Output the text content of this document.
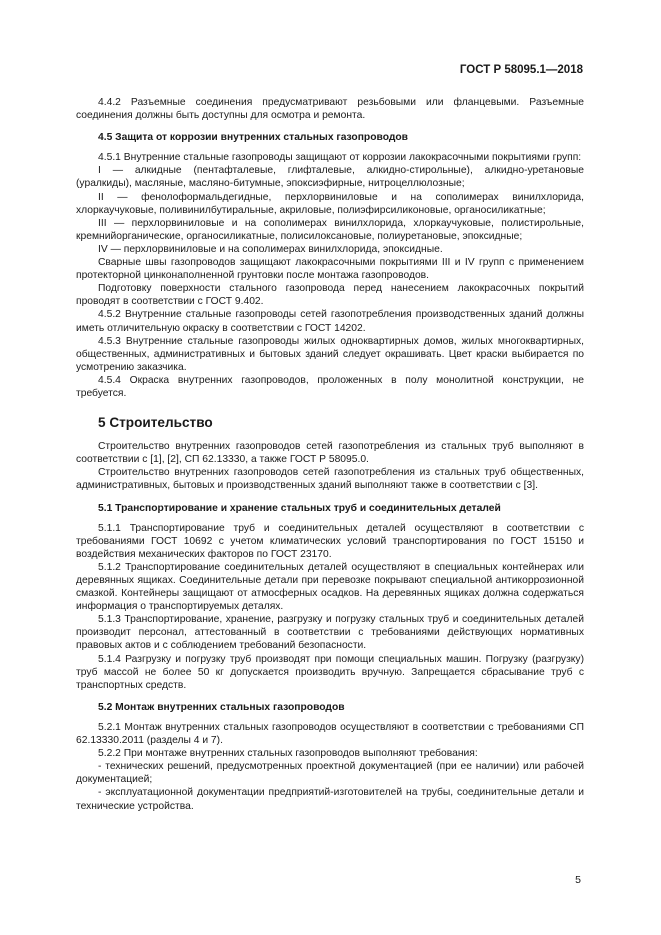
ГОСТ Р 58095.1—2018

4.4.2 Разъемные соединения предусматривают резьбовыми или фланцевыми. Разъемные соединения должны быть доступны для осмотра и ремонта.

4.5 Защита от коррозии внутренних стальных газопроводов

4.5.1 Внутренние стальные газопроводы защищают от коррозии лакокрасочными покрытиями групп:

I — алкидные (пентафталевые, глифталевые, алкидно-стирольные), алкидно-уретановые (уралкиды), масляные, масляно-битумные, эпоксиэфирные, нитроцеллюлозные;

II — фенолоформальдегидные, перхлорвиниловые и на сополимерах винилхлорида, хлоркаучуковые, поливинилбутиральные, акриловые, полиэфирсиликоновые, органосиликатные;

III — перхлорвиниловые и на сополимерах винилхлорида, хлоркаучуковые, полистирольные, кремнийорганические, органосиликатные, полисилоксановые, полиуретановые, эпоксидные;

IV — перхлорвиниловые и на сополимерах винилхлорида, эпоксидные.

Сварные швы газопроводов защищают лакокрасочными покрытиями III и IV групп с применением протекторной цинконаполненной грунтовки после монтажа газопроводов.

Подготовку поверхности стального газопровода перед нанесением лакокрасочных покрытий проводят в соответствии с ГОСТ 9.402.

4.5.2 Внутренние стальные газопроводы сетей газопотребления производственных зданий должны иметь отличительную окраску в соответствии с ГОСТ 14202.

4.5.3 Внутренние стальные газопроводы жилых одноквартирных домов, жилых многоквартирных, общественных, административных и бытовых зданий следует окрашивать. Цвет краски выбирается по усмотрению заказчика.

4.5.4 Окраска внутренних газопроводов, проложенных в полу монолитной конструкции, не требуется.

5 Строительство

Строительство внутренних газопроводов сетей газопотребления из стальных труб выполняют в соответствии с [1], [2], СП 62.13330, а также ГОСТ Р 58095.0.

Строительство внутренних газопроводов сетей газопотребления из стальных труб общественных, административных, бытовых и производственных зданий выполняют также в соответствии с [3].

5.1 Транспортирование и хранение стальных труб и соединительных деталей

5.1.1 Транспортирование труб и соединительных деталей осуществляют в соответствии с требованиями ГОСТ 10692 с учетом климатических условий транспортирования по ГОСТ 15150 и воздействия механических факторов по ГОСТ 23170.

5.1.2 Транспортирование соединительных деталей осуществляют в специальных контейнерах или деревянных ящиках. Соединительные детали при перевозке покрывают специальной антикоррозионной смазкой. Контейнеры защищают от атмосферных осадков. На деревянных ящиках должна содержаться информация о транспортируемых деталях.

5.1.3 Транспортирование, хранение, разгрузку и погрузку стальных труб и соединительных деталей производит персонал, аттестованный в соответствии с требованиями действующих нормативных правовых актов и с соблюдением требований безопасности.

5.1.4 Разгрузку и погрузку труб производят при помощи специальных машин. Погрузку (разгрузку) труб массой не более 50 кг допускается производить вручную. Запрещается сбрасывание труб с транспортных средств.

5.2 Монтаж внутренних стальных газопроводов

5.2.1 Монтаж внутренних стальных газопроводов осуществляют в соответствии с требованиями СП 62.13330.2011 (разделы 4 и 7).

5.2.2 При монтаже внутренних стальных газопроводов выполняют требования:

- технических решений, предусмотренных проектной документацией (при ее наличии) или рабочей документацией;

- эксплуатационной документации предприятий-изготовителей на трубы, соединительные детали и технические устройства.

5
